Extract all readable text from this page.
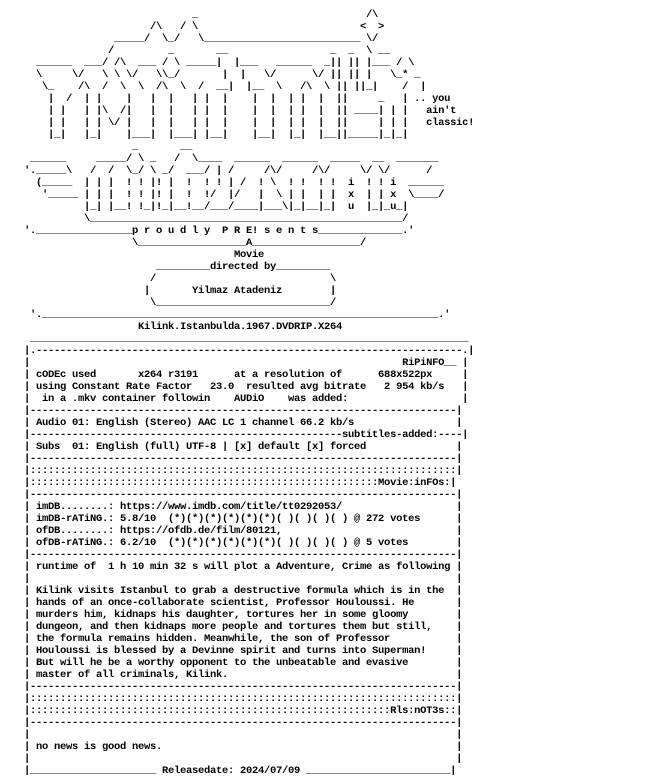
_                            /\
/\   / \                           <  >
_____/  \_/   \__________________________ \/
/         _       __                 _  _  \ __
______  ___/ /\  ___ / \ _____|  |___   ______  _|| || |___ / \
\     \/   \ \ \/   \\_/       |  |   \/      \/ || || |   \_* _
\_    /\  /  \  \  /\  \  /  __|  |__  \   /\  \ || ||_|    /  |
|  /  | |    |   |  |   | |  |    |  |  | |  |  ||     _   | .. you
| |   | |\  /|   |  |   | |  |    |  |  | |  |  || ____| | |   ain't
| |   | | \/ |   |  |   | |  |    |  |  | |  |  ||     | | |   classic!
|_|   |_|    |___|  |___| |__|    |__|  |_|  |__||_____|_|_|
_       __
______     _____/ \ _   /  \____  ______  ______  _____  __  _______
'._____\   /  /  \_/ \ _/  ___/ | /     /\/     /\/     \/ \/      /
(_____  | | |  ! ! |! |  !  ! ! | /  ! \  ! !  ! !  i  ! ! i  ______
'_____ | | |  ! ! |! |  !  !/  |/   |  \ | |  | |  x  | | x  \____/
|_| |__! !_|!_|__!__/___/____|___\|_|__|_|  u  |_|_u_|
\____________________________________________________/
'.________________p r o u d l y  P R E! s e n t s______________.'
\__________________A__________________/
Movie
_________directed by_________
/                             \
|       Yilmaz Atadeniz        |
\_____________________________/
'.__________________________________________________________________.'
Kilink.Istanbulda.1967.DVDRIP.X264
_________________________________________________________________________
|.-----------------------------------------------------------------------.|
|                                                              RiPiNFO__ |
| cODEc used       x264 r3191      at a resolution of      688x522px     |
| using Constant Rate Factor   23.0  resulted avg bitrate   2 954 kb/s   |
|  in a .mkv container followin    AUDiO    was added:                   |
|-----------------------------------------------------------------------|
| Audio 01: English (Stereo) AAC LC 1 channel 66.2 kb/s                 |
|----------------------------------------------------subtitles-added:----|
| Subs  01: English (full) UTF-8 | [x] default [x] forced               |
|-----------------------------------------------------------------------|
|:::::::::::::::::::::::::::::::::::::::::::::::::::::::::::::::::::::::|
|::::::::::::::::::::::::::::::::::::::::::::::::::::::::::Movie:inFOs:|
|-----------------------------------------------------------------------|
| imDB........: https://www.imdb.com/title/tt0292053/                   |
| imDB-rATiNG.: 5.8/10  (*)(*)(*)(*)(*)(*)( )( )( )( ) @ 272 votes      |
| ofDB........: https://ofdb.de/film/80121,                             |
| ofDB-rATiNG.: 6.2/10  (*)(*)(*)(*)(*)(*)( )( )( )( ) @ 5 votes        |
|-----------------------------------------------------------------------|
| runtime of  1 h 10 min 32 s will plot a Adventure, Crime as following |
|                                                                       |
| Kilink visits Istanbul to grab a destructive formula which is in the  |
| hands of an once-collaborate scientist, Professor Houloussi. He       |
| murders him, kidnaps his daughter, tortures her in some gloomy        |
| dungeon, and then kidnaps more people and tortures them but still,    |
| the formula remains hidden. Meanwhile, the son of Professor           |
| Houloussi is blessed by a Devinne spirit and turns into Superman!     |
| But will he be a worthy opponent to the unbeatable and evasive        |
| master of all criminals, Kilink.                                      |
|-----------------------------------------------------------------------|
|:::::::::::::::::::::::::::::::::::::::::::::::::::::::::::::::::::::::|
|::::::::::::::::::::::::::::::::::::::::::::::::::::::::::::Rls:nOT3s::|
|-----------------------------------------------------------------------|
|                                                                       |
| no news is good news.                                                 |
|                                                                       |
|_____________________ Releasedate: 2024/07/09 ________________________|
